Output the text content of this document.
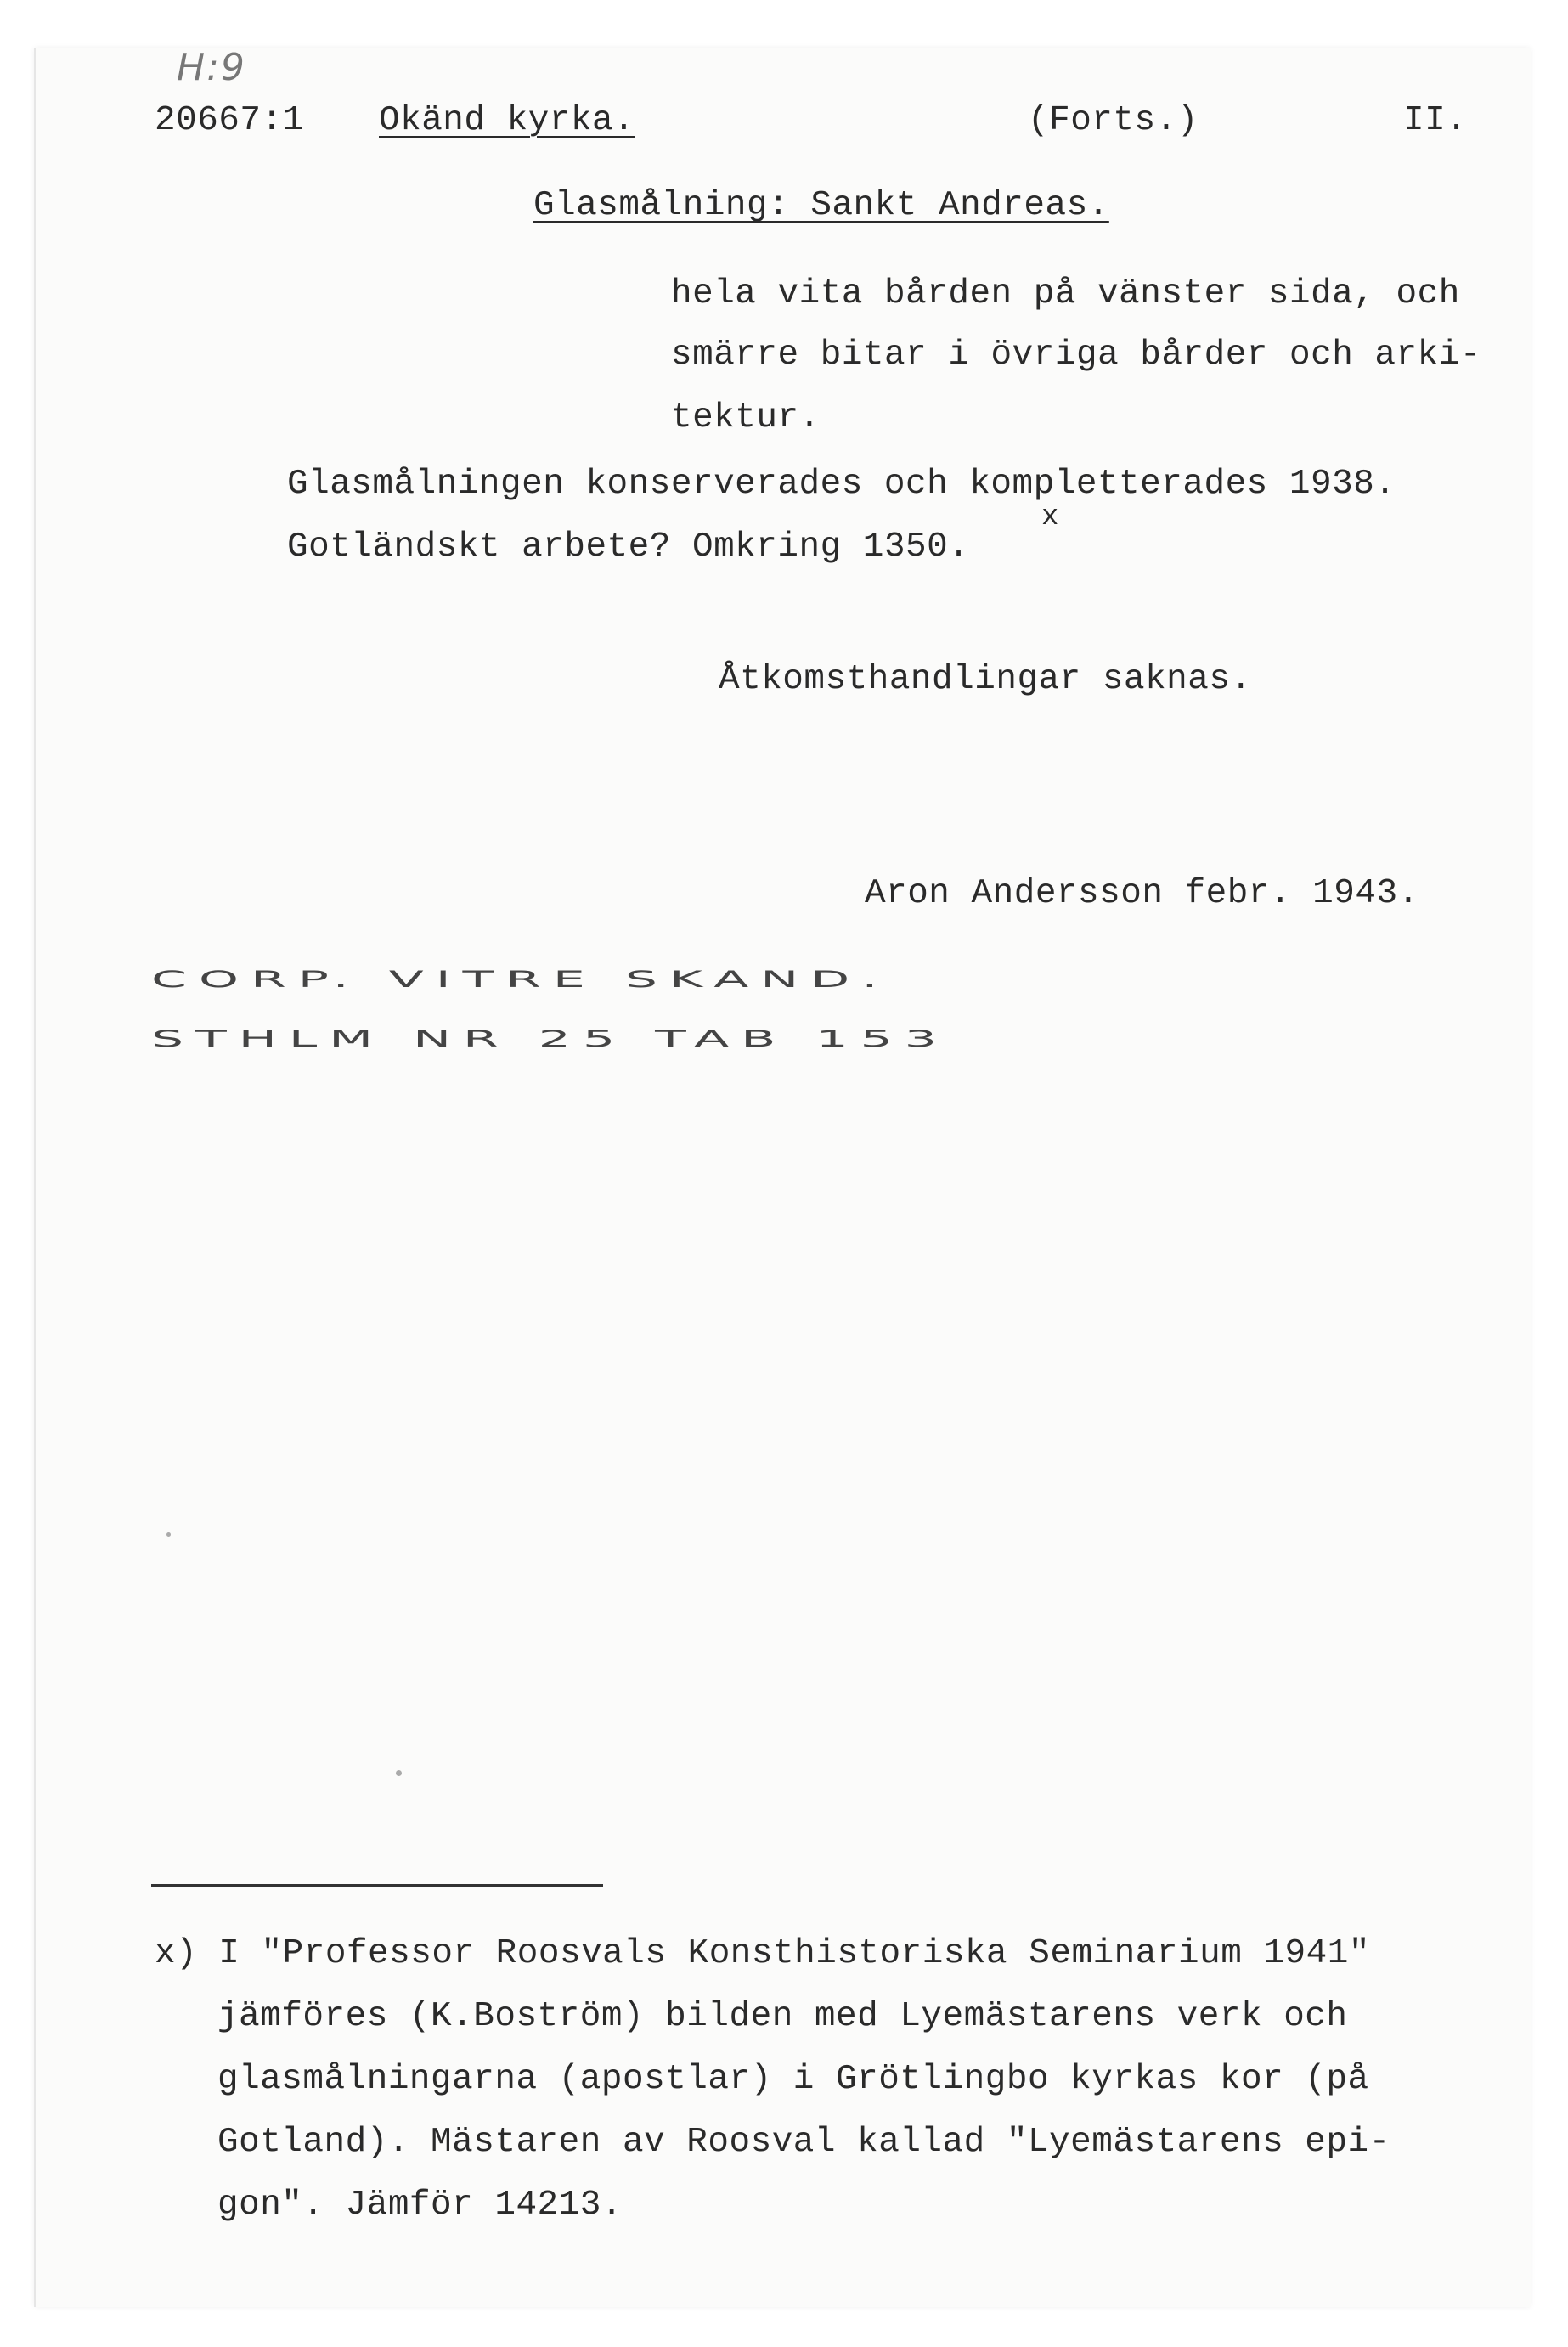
H:9
20667:1 Okänd kyrka.	(Forts.)	II.
Glasmålning: Sankt Andreas.
hela vita bården på vänster sida, och
smärre bitar i övriga bårder och arki-
tektur.
Glasmålningen konserverades och kompletterades 1938.
Gotländskt arbete? Omkring 1350.
x
Åtkomsthandlingar saknas.
Aron Andersson febr. 1943.
CORP. VITRE SKAND.
STHLM NR 25 TAB 153
x) I "Professor Roosvals Konsthistoriska Seminarium 1941"
jämföres (K.Boström) bilden med Lyemästarens verk och
glasmålningarna (apostlar) i Grötlingbo kyrkas kor (på
Gotland). Mästaren av Roosval kallad "Lyemästarens epi-
gon". Jämför 14213.
